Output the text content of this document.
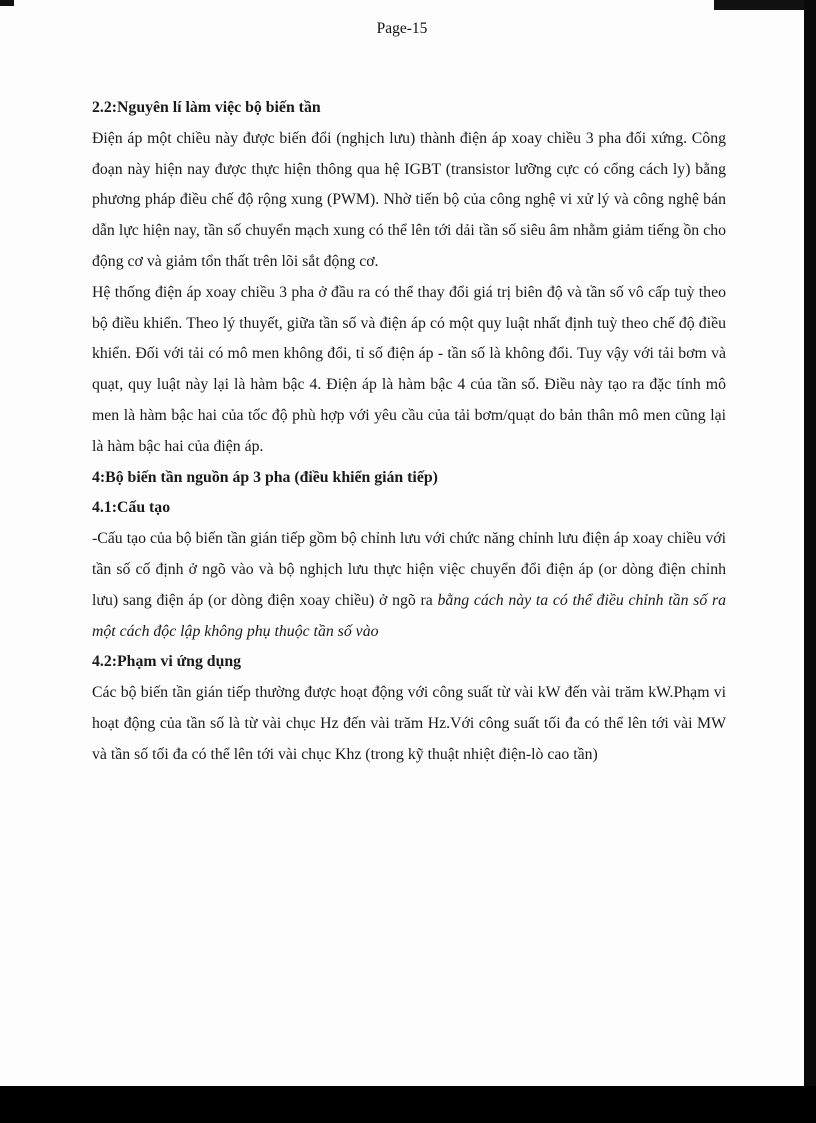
Page-15
2.2:Nguyên lí làm việc bộ biến tần

Điện áp một chiều này được biến đổi (nghịch lưu) thành điện áp xoay chiều 3 pha đối xứng. Công đoạn này hiện nay được thực hiện thông qua hệ IGBT (transistor lưỡng cực có cổng cách ly) bằng phương pháp điều chế độ rộng xung (PWM). Nhờ tiến bộ của công nghệ vi xử lý và công nghệ bán dẫn lực hiện nay, tần số chuyển mạch xung có thể lên tới dải tần số siêu âm nhằm giảm tiếng ồn cho động cơ và giảm tổn thất trên lõi sắt động cơ.

Hệ thống điện áp xoay chiều 3 pha ở đầu ra có thể thay đổi giá trị biên độ và tần số vô cấp tuỳ theo bộ điều khiển. Theo lý thuyết, giữa tần số và điện áp có một quy luật nhất định tuỳ theo chế độ điều khiển. Đối với tải có mô men không đổi, tỉ số điện áp - tần số là không đổi. Tuy vậy với tải bơm và quạt, quy luật này lại là hàm bậc 4. Điện áp là hàm bậc 4 của tần số. Điều này tạo ra đặc tính mô men là hàm bậc hai của tốc độ phù hợp với yêu cầu của tải bơm/quạt do bản thân mô men cũng lại là hàm bậc hai của điện áp.

4:Bộ biến tần nguồn áp 3 pha (điều khiển gián tiếp)
4.1:Cấu tạo

-Cấu tạo của bộ biến tần gián tiếp gồm bộ chỉnh lưu với chức năng chỉnh lưu điện áp xoay chiều với tần số cố định ở ngõ vào và bộ nghịch lưu thực hiện việc chuyển đổi điện áp (or dòng điện chỉnh lưu) sang điện áp (or dòng điện xoay chiều) ở ngõ ra bằng cách này ta có thể điều chỉnh tần số ra một cách độc lập không phụ thuộc tần số vào

4.2:Phạm vi ứng dụng

Các bộ biến tần gián tiếp thường được hoạt động với công suất từ vài kW đến vài trăm kW.Phạm vi hoạt động của tần số là từ vài chục Hz đến vài trăm Hz.Với công suất tối đa có thể lên tới vài MW và tần số tối đa có thể lên tới vài chục Khz (trong kỹ thuật nhiệt điện-lò cao tần)
